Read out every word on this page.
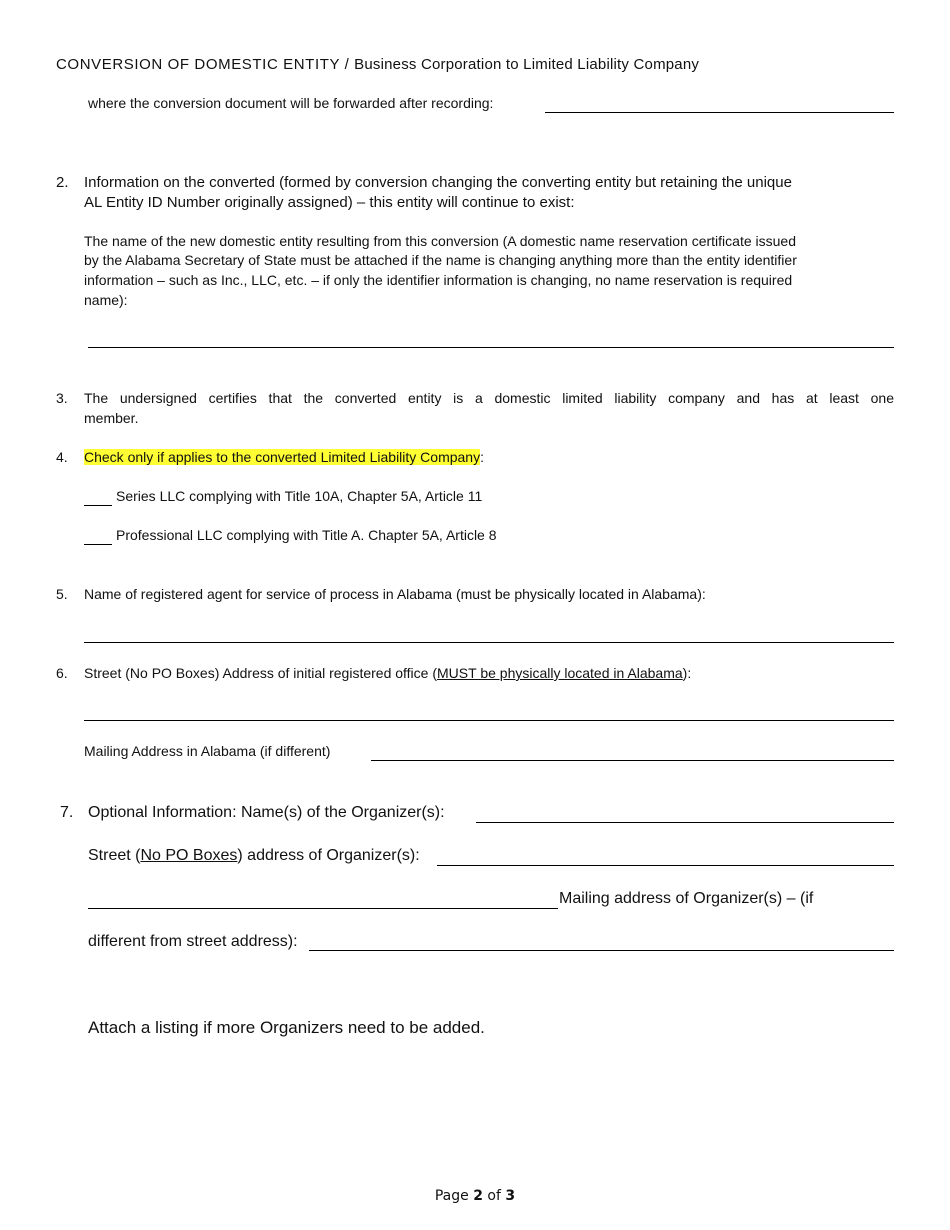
CONVERSION OF DOMESTIC ENTITY / Business Corporation to Limited Liability Company
where the conversion document will be forwarded after recording:
2. Information on the converted (formed by conversion changing the converting entity but retaining the unique
AL Entity ID Number originally assigned) – this entity will continue to exist:
The name of the new domestic entity resulting from this conversion (A domestic name reservation certificate issued
by the Alabama Secretary of State must be attached if the name is changing anything more than the entity identifier
information – such as Inc., LLC, etc. – if only the identifier information is changing, no name reservation is required
name):
3. The undersigned certifies that the converted entity is a domestic limited liability company and has at least one
member.
4. Check only if applies to the converted Limited Liability Company:
Series LLC complying with Title 10A, Chapter 5A, Article 11
Professional LLC complying with Title A. Chapter 5A, Article 8
5. Name of registered agent for service of process in Alabama (must be physically located in Alabama):
6. Street (No PO Boxes) Address of initial registered office (MUST be physically located in Alabama):
Mailing Address in Alabama (if different)
7. Optional Information: Name(s) of the Organizer(s):
Street (No PO Boxes) address of Organizer(s):
Mailing address of Organizer(s) – (if
different from street address):
Attach a listing if more Organizers need to be added.
Page 2 of 3
